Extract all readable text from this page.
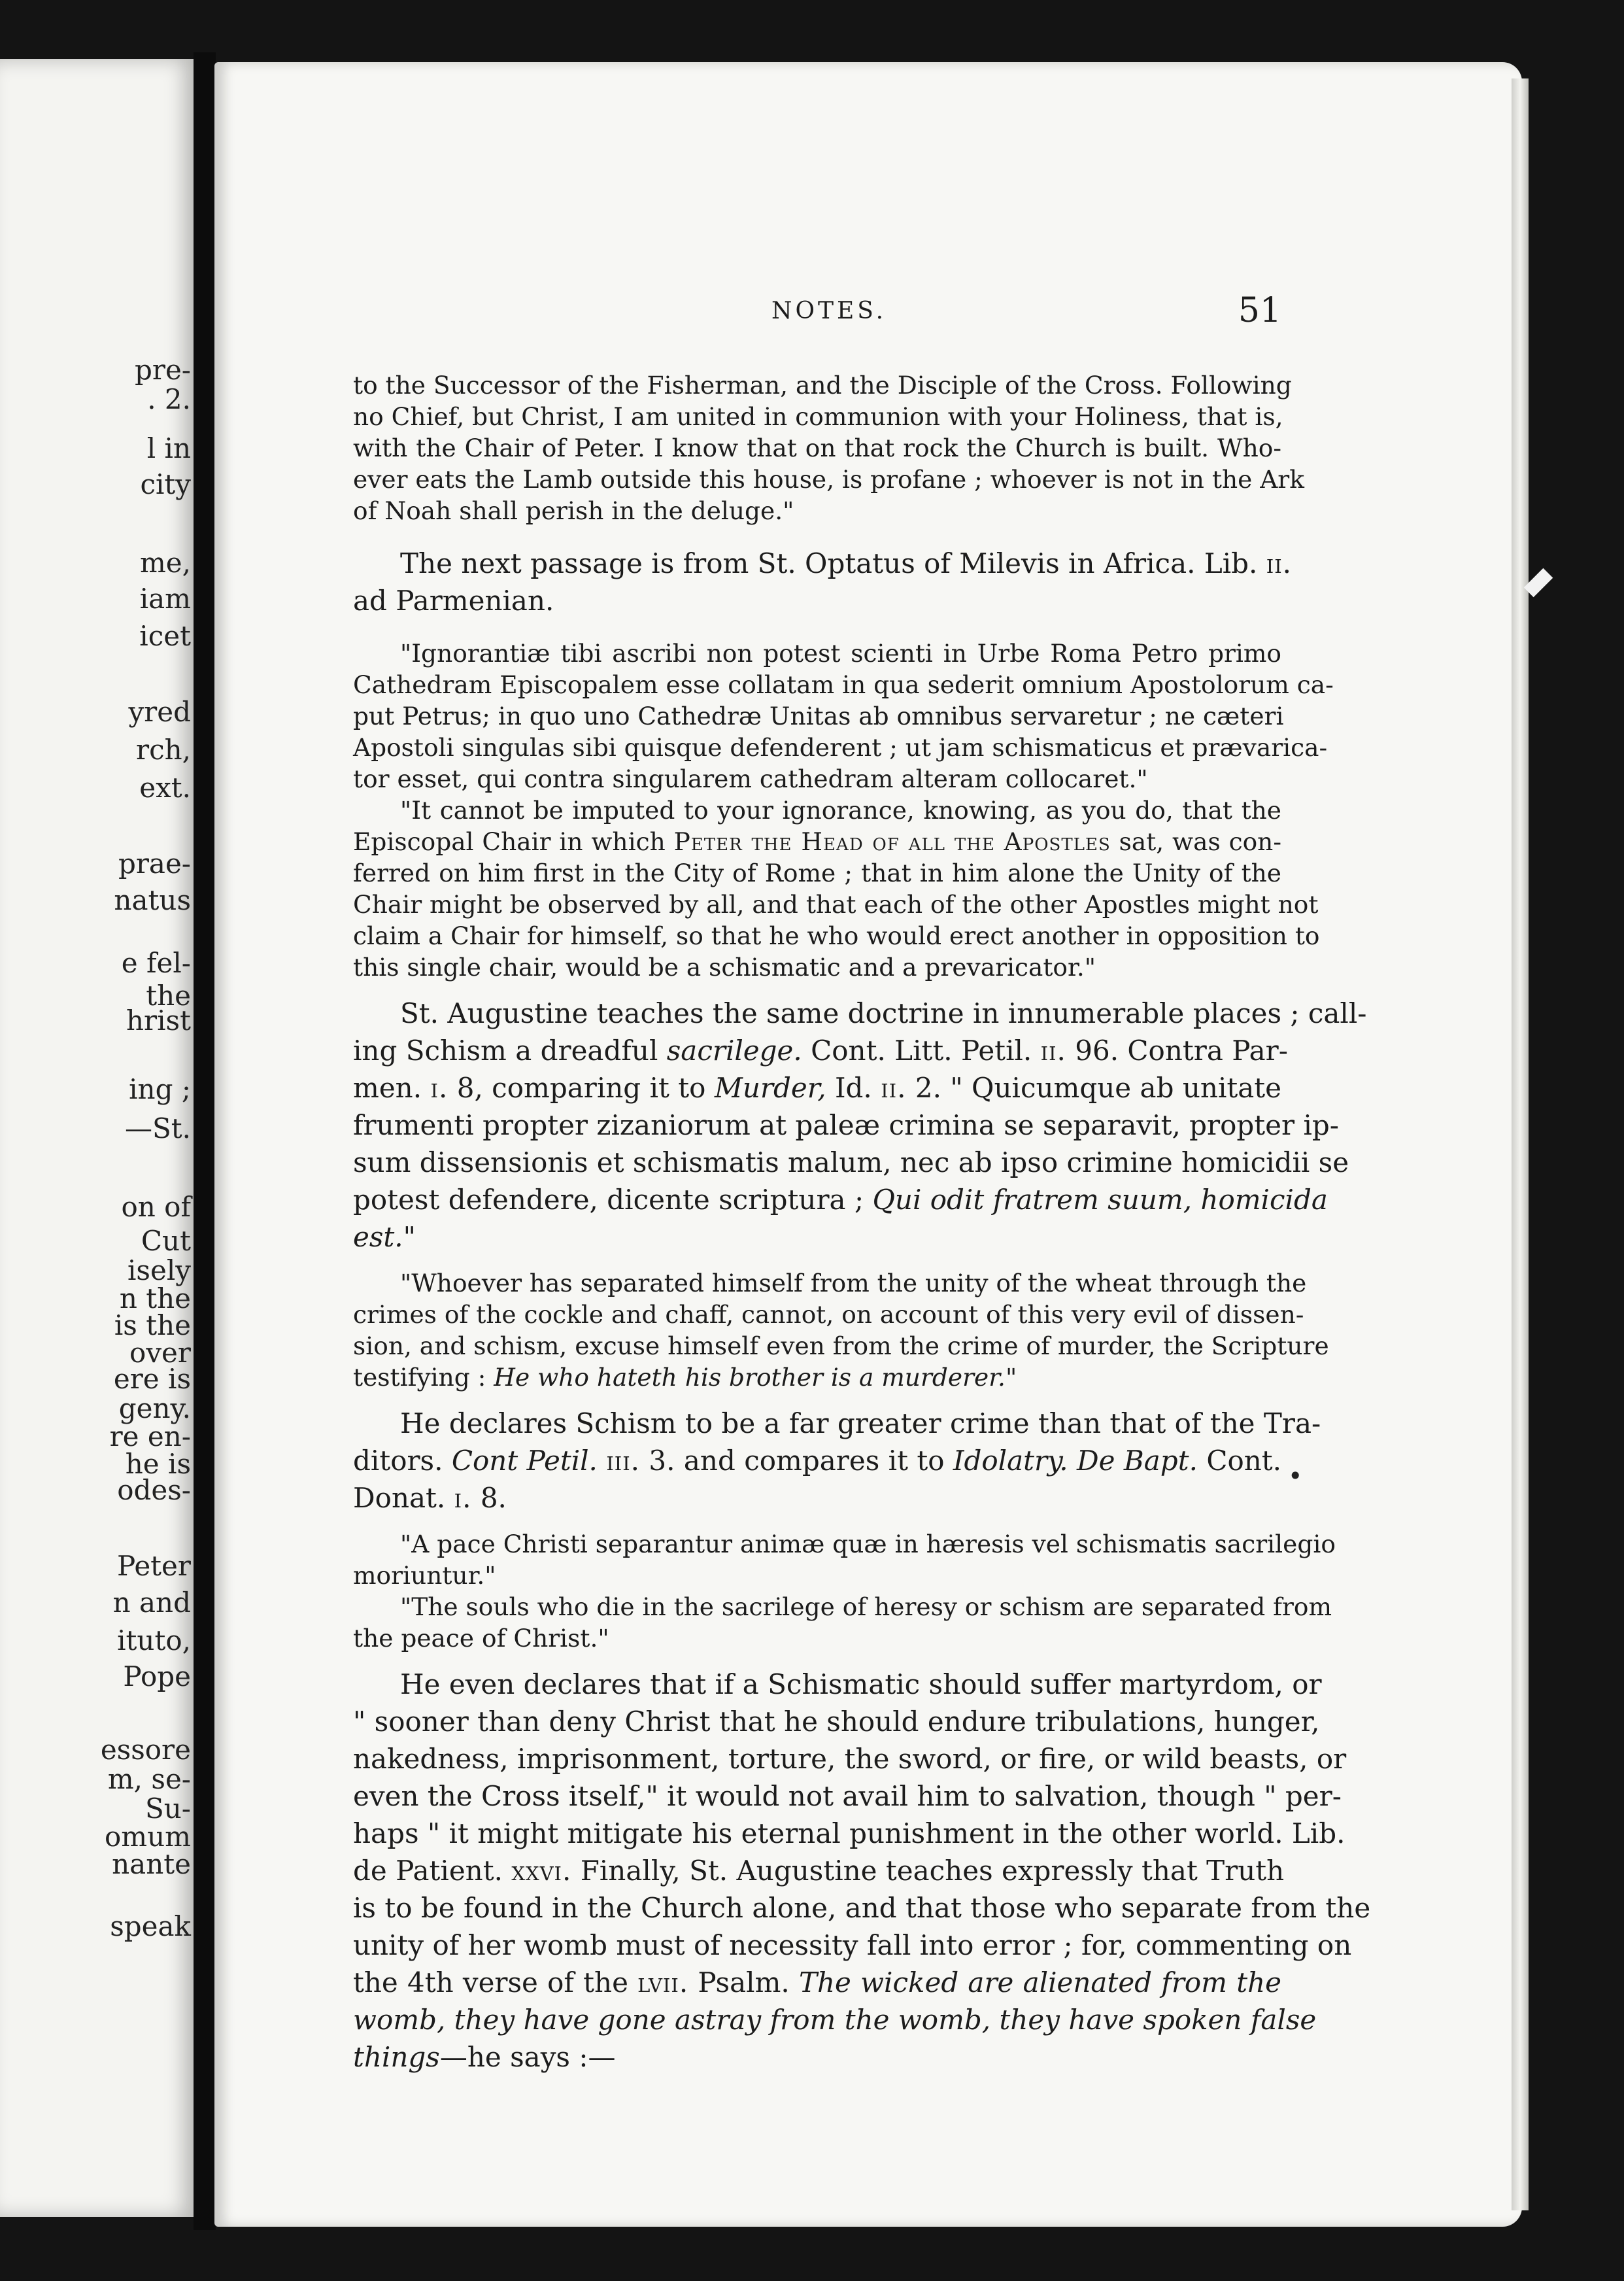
pre-
. 2.
l in
city
me,
iam
icet
yred
rch,
ext.
prae-
natus
e fel-
the
hrist
ing ;
—St.
on of
Cut
isely
n the
is the
over
ere is
geny.
re en-
he is
odes-
Peter
n and
ituto,
Pope
essore
m, se-
Su-
omum
nante
speak
NOTES.	51
to the Successor of the Fisherman, and the Disciple of the Cross. Following
no Chief, but Christ, I am united in communion with your Holiness, that is,
with the Chair of Peter. I know that on that rock the Church is built. Who-
ever eats the Lamb outside this house, is profane ; whoever is not in the Ark
of Noah shall perish in the deluge."
The next passage is from St. Optatus of Milevis in Africa. Lib. ii.
ad Parmenian.
"Ignorantiæ tibi ascribi non potest scienti in Urbe Roma Petro primo
Cathedram Episcopalem esse collatam in qua sederit omnium Apostolorum ca-
put Petrus; in quo uno Cathedræ Unitas ab omnibus servaretur ; ne cæteri
Apostoli singulas sibi quisque defenderent ; ut jam schismaticus et prævarica-
tor esset, qui contra singularem cathedram alteram collocaret."
"It cannot be imputed to your ignorance, knowing, as you do, that the
Episcopal Chair in which Peter the Head of all the Apostles sat, was con-
ferred on him first in the City of Rome ; that in him alone the Unity of the
Chair might be observed by all, and that each of the other Apostles might not
claim a Chair for himself, so that he who would erect another in opposition to
this single chair, would be a schismatic and a prevaricator."
St. Augustine teaches the same doctrine in innumerable places ; call-
ing Schism a dreadful sacrilege. Cont. Litt. Petil. ii. 96. Contra Par-
men. i. 8, comparing it to Murder, Id. ii. 2. " Quicumque ab unitate
frumenti propter zizaniorum at paleæ crimina se separavit, propter ip-
sum dissensionis et schismatis malum, nec ab ipso crimine homicidii se
potest defendere, dicente scriptura ; Qui odit fratrem suum, homicida
est."
"Whoever has separated himself from the unity of the wheat through the
crimes of the cockle and chaff, cannot, on account of this very evil of dissen-
sion, and schism, excuse himself even from the crime of murder, the Scripture
testifying : He who hateth his brother is a murderer."
He declares Schism to be a far greater crime than that of the Tra-
ditors. Cont Petil. iii. 3. and compares it to Idolatry. De Bapt. Cont.
Donat. i. 8.
"A pace Christi separantur animæ quæ in hæresis vel schismatis sacrilegio
moriuntur."
"The souls who die in the sacrilege of heresy or schism are separated from
the peace of Christ."
He even declares that if a Schismatic should suffer martyrdom, or
" sooner than deny Christ that he should endure tribulations, hunger,
nakedness, imprisonment, torture, the sword, or fire, or wild beasts, or
even the Cross itself," it would not avail him to salvation, though " per-
haps " it might mitigate his eternal punishment in the other world. Lib.
de Patient. xxvi. Finally, St. Augustine teaches expressly that Truth
is to be found in the Church alone, and that those who separate from the
unity of her womb must of necessity fall into error ; for, commenting on
the 4th verse of the lvii. Psalm. The wicked are alienated from the
womb, they have gone astray from the womb, they have spoken false
things—he says :—
•
